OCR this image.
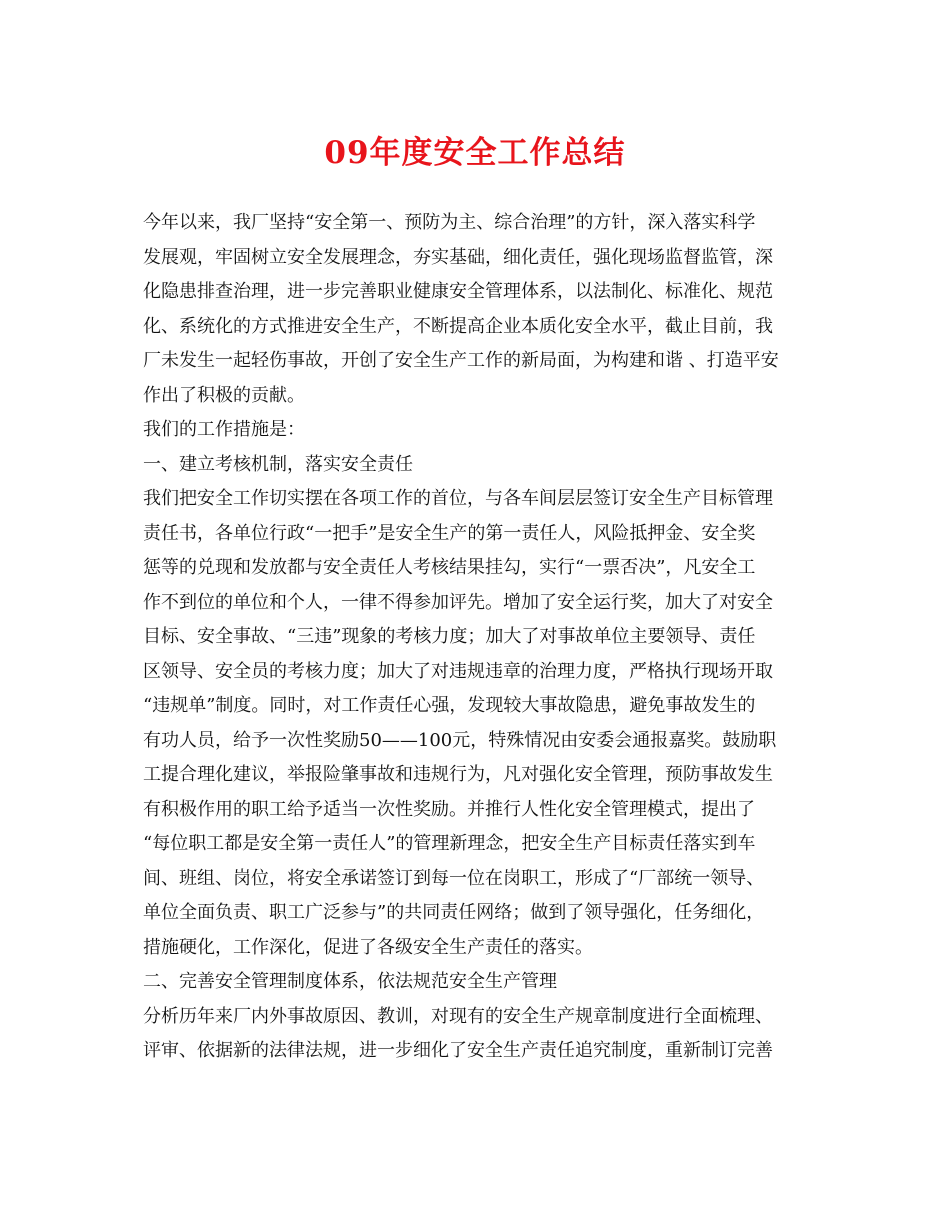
09年度安全工作总结
今年以来，我厂坚持“安全第一、预防为主、综合治理”的方针，深入落实科学
发展观，牢固树立安全发展理念，夯实基础，细化责任，强化现场监督监管，深
化隐患排查治理，进一步完善职业健康安全管理体系，以法制化、标准化、规范
化、系统化的方式推进安全生产，不断提高企业本质化安全水平，截止目前，我
厂未发生一起轻伤事故，开创了安全生产工作的新局面，为构建和谐 、打造平安
作出了积极的贡献。
我们的工作措施是：
一、建立考核机制，落实安全责任
我们把安全工作切实摆在各项工作的首位，与各车间层层签订安全生产目标管理
责任书，各单位行政“一把手”是安全生产的第一责任人，风险抵押金、安全奖
惩等的兑现和发放都与安全责任人考核结果挂勾，实行“一票否决”，凡安全工
作不到位的单位和个人，一律不得参加评先。增加了安全运行奖，加大了对安全
目标、安全事故、“三违”现象的考核力度；加大了对事故单位主要领导、责任
区领导、安全员的考核力度；加大了对违规违章的治理力度，严格执行现场开取
“违规单”制度。同时，对工作责任心强，发现较大事故隐患，避免事故发生的
有功人员，给予一次性奖励50——100元，特殊情况由安委会通报嘉奖。鼓励职
工提合理化建议，举报险肇事故和违规行为，凡对强化安全管理，预防事故发生
有积极作用的职工给予适当一次性奖励。并推行人性化安全管理模式，提出了
“每位职工都是安全第一责任人”的管理新理念，把安全生产目标责任落实到车
间、班组、岗位，将安全承诺签订到每一位在岗职工，形成了“厂部统一领导、
单位全面负责、职工广泛参与”的共同责任网络；做到了领导强化，任务细化，
措施硬化，工作深化，促进了各级安全生产责任的落实。
二、完善安全管理制度体系，依法规范安全生产管理
分析历年来厂内外事故原因、教训，对现有的安全生产规章制度进行全面梳理、
评审、依据新的法律法规，进一步细化了安全生产责任追究制度，重新制订完善
